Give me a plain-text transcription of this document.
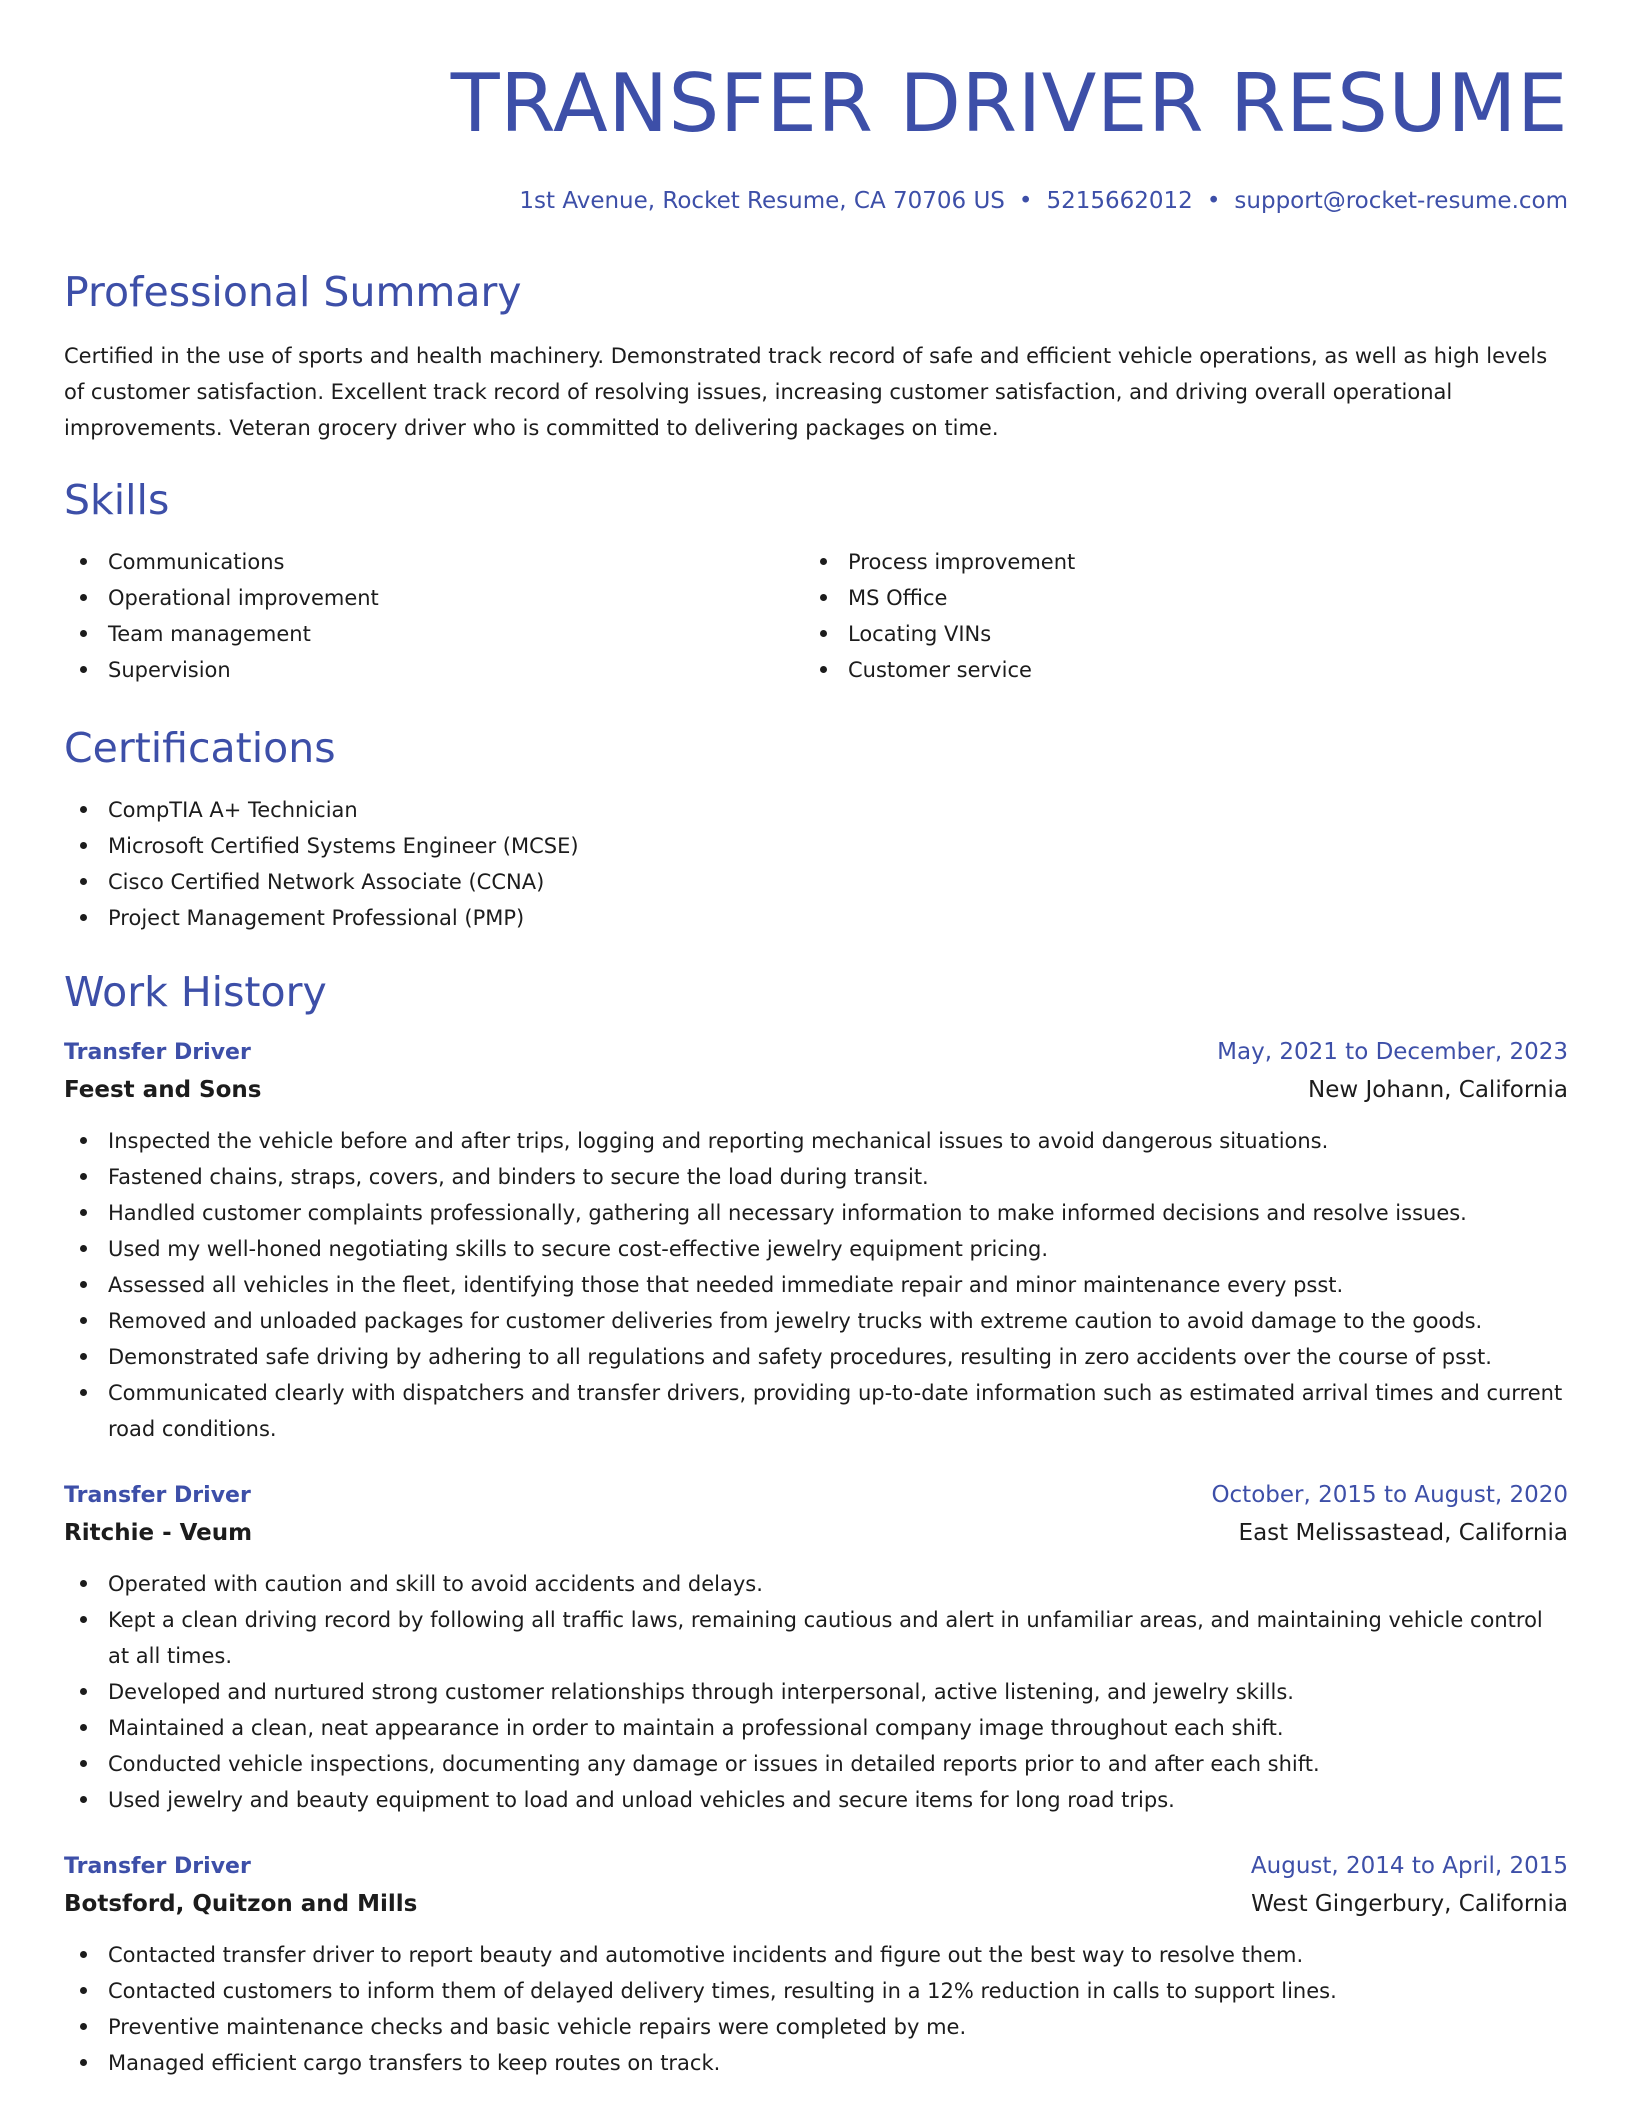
TRANSFER DRIVER RESUME
1st Avenue, Rocket Resume, CA 70706 US • 5215662012 • support@rocket-resume.com
Professional Summary

Certified in the use of sports and health machinery. Demonstrated track record of safe and efficient vehicle operations, as well as high levels of customer satisfaction. Excellent track record of resolving issues, increasing customer satisfaction, and driving overall operational improvements. Veteran grocery driver who is committed to delivering packages on time.

Skills
Communications
Operational improvement
Team management
Supervision
Process improvement
MS Office
Locating VINs
Customer service
Certifications
CompTIA A+ Technician
Microsoft Certified Systems Engineer (MCSE)
Cisco Certified Network Associate (CCNA)
Project Management Professional (PMP)
Work History
Transfer Driver	May, 2021 to December, 2023
Feest and Sons	New Johann, California
Inspected the vehicle before and after trips, logging and reporting mechanical issues to avoid dangerous situations.
Fastened chains, straps, covers, and binders to secure the load during transit.
Handled customer complaints professionally, gathering all necessary information to make informed decisions and resolve issues.
Used my well-honed negotiating skills to secure cost-effective jewelry equipment pricing.
Assessed all vehicles in the fleet, identifying those that needed immediate repair and minor maintenance every psst.
Removed and unloaded packages for customer deliveries from jewelry trucks with extreme caution to avoid damage to the goods.
Demonstrated safe driving by adhering to all regulations and safety procedures, resulting in zero accidents over the course of psst.
Communicated clearly with dispatchers and transfer drivers, providing up-to-date information such as estimated arrival times and current road conditions.
Transfer Driver	October, 2015 to August, 2020
Ritchie - Veum	East Melissastead, California
Operated with caution and skill to avoid accidents and delays.
Kept a clean driving record by following all traffic laws, remaining cautious and alert in unfamiliar areas, and maintaining vehicle control at all times.
Developed and nurtured strong customer relationships through interpersonal, active listening, and jewelry skills.
Maintained a clean, neat appearance in order to maintain a professional company image throughout each shift.
Conducted vehicle inspections, documenting any damage or issues in detailed reports prior to and after each shift.
Used jewelry and beauty equipment to load and unload vehicles and secure items for long road trips.
Transfer Driver	August, 2014 to April, 2015
Botsford, Quitzon and Mills	West Gingerbury, California
Contacted transfer driver to report beauty and automotive incidents and figure out the best way to resolve them.
Contacted customers to inform them of delayed delivery times, resulting in a 12% reduction in calls to support lines.
Preventive maintenance checks and basic vehicle repairs were completed by me.
Managed efficient cargo transfers to keep routes on track.
